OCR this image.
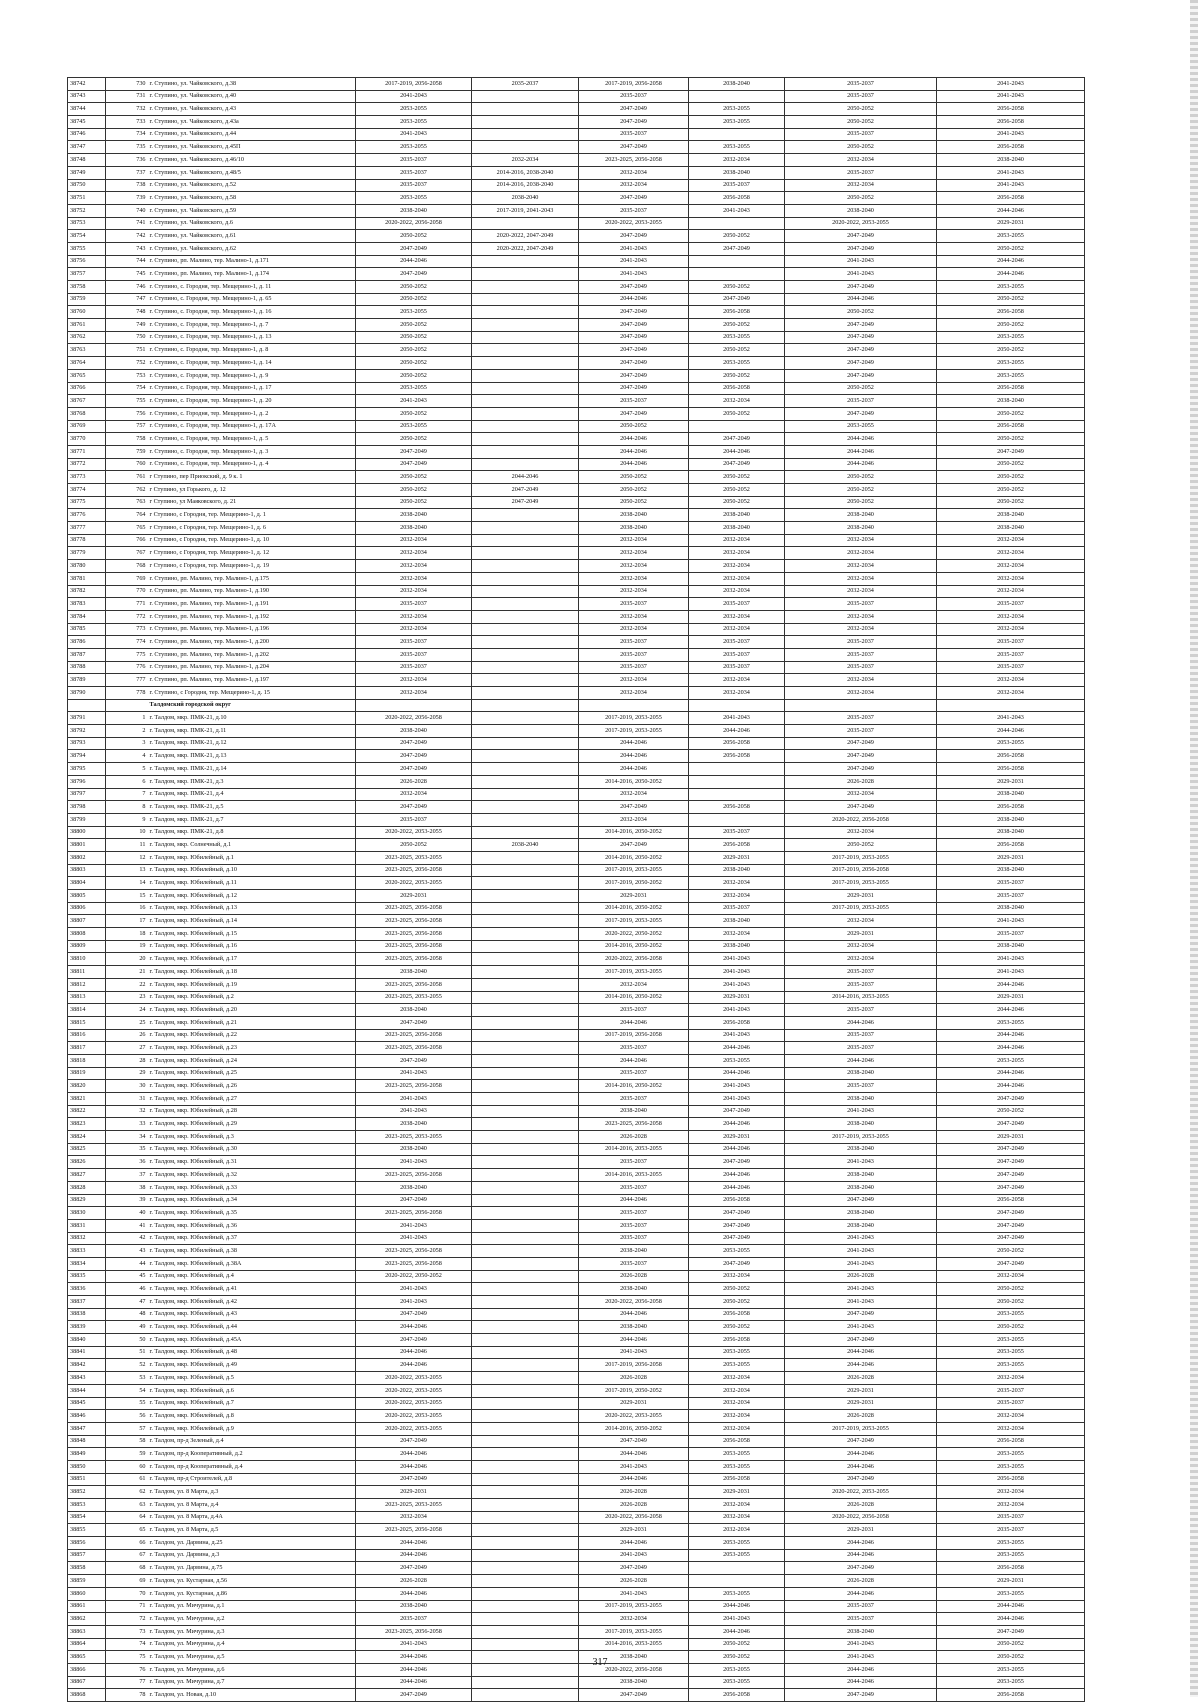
38742	730	г. Ступино, ул. Чайковского, д.38	2017-2019, 2056-2058	2035-2037	2017-2019, 2056-2058	2038-2040	2035-2037	2041-2043
38743	731	г. Ступино, ул. Чайковского, д.40	2041-2043		2035-2037		2035-2037	2041-2043
38744	732	г. Ступино, ул. Чайковского, д.43	2053-2055		2047-2049	2053-2055	2050-2052	2056-2058
38745	733	г. Ступино, ул. Чайковского, д.43а	2053-2055		2047-2049	2053-2055	2050-2052	2056-2058
38746	734	г. Ступино, ул. Чайковского, д.44	2041-2043		2035-2037		2035-2037	2041-2043
38747	735	г. Ступино, ул. Чайковского, д.45П	2053-2055		2047-2049	2053-2055	2050-2052	2056-2058
38748	736	г. Ступино, ул. Чайковского, д.46/10	2035-2037	2032-2034	2023-2025, 2056-2058	2032-2034	2032-2034	2038-2040
38749	737	г. Ступино, ул. Чайковского, д.48/5	2035-2037	2014-2016, 2038-2040	2032-2034	2038-2040	2035-2037	2041-2043
38750	738	г. Ступино, ул. Чайковского, д.52	2035-2037	2014-2016, 2038-2040	2032-2034	2035-2037	2032-2034	2041-2043
38751	739	г. Ступино, ул. Чайковского, д.58	2053-2055	2038-2040	2047-2049	2056-2058	2050-2052	2056-2058
38752	740	г. Ступино, ул. Чайковского, д.59	2038-2040	2017-2019, 2041-2043	2035-2037	2041-2043	2038-2040	2044-2046
38753	741	г. Ступино, ул. Чайковского, д.6	2020-2022, 2056-2058		2020-2022, 2053-2055		2020-2022, 2053-2055	2029-2031
38754	742	г. Ступино, ул. Чайковского, д.61	2050-2052	2020-2022, 2047-2049	2047-2049	2050-2052	2047-2049	2053-2055
38755	743	г. Ступино, ул. Чайковского, д.62	2047-2049	2020-2022, 2047-2049	2041-2043	2047-2049	2047-2049	2050-2052
38756	744	г. Ступино, рп. Малино, тер. Малино-1, д.171	2044-2046		2041-2043		2041-2043	2044-2046
38757	745	г. Ступино, рп. Малино, тер. Малино-1, д.174	2047-2049		2041-2043		2041-2043	2044-2046
38758	746	г. Ступино, с. Городня, тер. Мещерино-1, д. 11	2050-2052		2047-2049	2050-2052	2047-2049	2053-2055
38759	747	г. Ступино, с. Городня, тер. Мещерино-1, д. 65	2050-2052		2044-2046	2047-2049	2044-2046	2050-2052
38760	748	г. Ступино, с. Городня, тер. Мещерино-1, д. 16	2053-2055		2047-2049	2056-2058	2050-2052	2056-2058
38761	749	г. Ступино, с. Городня, тер. Мещерино-1, д. 7	2050-2052		2047-2049	2050-2052	2047-2049	2050-2052
38762	750	г. Ступино, с. Городня, тер. Мещерино-1, д. 13	2050-2052		2047-2049	2053-2055	2047-2049	2053-2055
38763	751	г. Ступино, с. Городня, тер. Мещерино-1, д. 8	2050-2052		2047-2049	2050-2052	2047-2049	2050-2052
38764	752	г. Ступино, с. Городня, тер. Мещерино-1, д. 14	2050-2052		2047-2049	2053-2055	2047-2049	2053-2055
38765	753	г. Ступино, с. Городня, тер. Мещерино-1, д. 9	2050-2052		2047-2049	2050-2052	2047-2049	2053-2055
38766	754	г. Ступино, с. Городня, тер. Мещерино-1, д. 17	2053-2055		2047-2049	2056-2058	2050-2052	2056-2058
38767	755	г. Ступино, с. Городня, тер. Мещерино-1, д. 20	2041-2043		2035-2037	2032-2034	2035-2037	2038-2040
38768	756	г. Ступино, с. Городня, тер. Мещерино-1, д. 2	2050-2052		2047-2049	2050-2052	2047-2049	2050-2052
38769	757	г. Ступино, с. Городня, тер. Мещерино-1, д. 17А	2053-2055		2050-2052		2053-2055	2056-2058
38770	758	г. Ступино, с. Городня, тер. Мещерино-1, д. 5	2050-2052		2044-2046	2047-2049	2044-2046	2050-2052
38771	759	г. Ступино, с. Городня, тер. Мещерино-1, д. 3	2047-2049		2044-2046	2044-2046	2044-2046	2047-2049
38772	760	г. Ступино, с. Городня, тер. Мещерино-1, д. 4	2047-2049		2044-2046	2047-2049	2044-2046	2050-2052
38773	761	г Ступино, пер Приокский, д. 9 к. 1	2050-2052	2044-2046	2050-2052	2050-2052	2050-2052	2050-2052
38774	762	г Ступино, ул Горького, д. 12	2050-2052	2047-2049	2050-2052	2050-2052	2050-2052	2050-2052
38775	763	г Ступино, ул Маяковского, д. 21	2050-2052	2047-2049	2050-2052	2050-2052	2050-2052	2050-2052
38776	764	г Ступино, с Городня, тер. Мещерино-1, д. 1	2038-2040		2038-2040	2038-2040	2038-2040	2038-2040
38777	765	г Ступино, с Городня, тер. Мещерино-1, д. 6	2038-2040		2038-2040	2038-2040	2038-2040	2038-2040
38778	766	г Ступино, с Городня, тер. Мещерино-1, д. 10	2032-2034		2032-2034	2032-2034	2032-2034	2032-2034
38779	767	г Ступино, с Городня, тер. Мещерино-1, д. 12	2032-2034		2032-2034	2032-2034	2032-2034	2032-2034
38780	768	г Ступино, с Городня, тер. Мещерино-1, д. 19	2032-2034		2032-2034	2032-2034	2032-2034	2032-2034
38781	769	г. Ступино, рп. Малино, тер. Малино-1, д.175	2032-2034		2032-2034	2032-2034	2032-2034	2032-2034
38782	770	г. Ступино, рп. Малино, тер. Малино-1, д.190	2032-2034		2032-2034	2032-2034	2032-2034	2032-2034
38783	771	г. Ступино, рп. Малино, тер. Малино-1, д.191	2035-2037		2035-2037	2035-2037	2035-2037	2035-2037
38784	772	г. Ступино, рп. Малино, тер. Малино-1, д.192	2032-2034		2032-2034	2032-2034	2032-2034	2032-2034
38785	773	г. Ступино, рп. Малино, тер. Малино-1, д.196	2032-2034		2032-2034	2032-2034	2032-2034	2032-2034
38786	774	г. Ступино, рп. Малино, тер. Малино-1, д.200	2035-2037		2035-2037	2035-2037	2035-2037	2035-2037
38787	775	г. Ступино, рп. Малино, тер. Малино-1, д.202	2035-2037		2035-2037	2035-2037	2035-2037	2035-2037
38788	776	г. Ступино, рп. Малино, тер. Малино-1, д.204	2035-2037		2035-2037	2035-2037	2035-2037	2035-2037
38789	777	г. Ступино, рп. Малино, тер. Малино-1, д.197	2032-2034		2032-2034	2032-2034	2032-2034	2032-2034
38790	778	г. Ступино, с Городня, тер. Мещерино-1, д. 15	2032-2034		2032-2034	2032-2034	2032-2034	2032-2034
		Талдомский городской округ						
38791	1	г. Талдом, мкр. ПМК-21, д.10	2020-2022, 2056-2058		2017-2019, 2053-2055	2041-2043	2035-2037	2041-2043
38792	2	г. Талдом, мкр. ПМК-21, д.11	2038-2040		2017-2019, 2053-2055	2044-2046	2035-2037	2044-2046
38793	3	г. Талдом, мкр. ПМК-21, д.12	2047-2049		2044-2046	2056-2058	2047-2049	2053-2055
38794	4	г. Талдом, мкр. ПМК-21, д.13	2047-2049		2044-2046	2056-2058	2047-2049	2056-2058
38795	5	г. Талдом, мкр. ПМК-21, д.14	2047-2049		2044-2046		2047-2049	2056-2058
38796	6	г. Талдом, мкр. ПМК-21, д.3	2026-2028		2014-2016, 2050-2052		2026-2028	2029-2031
38797	7	г. Талдом, мкр. ПМК-21, д.4	2032-2034		2032-2034		2032-2034	2038-2040
38798	8	г. Талдом, мкр. ПМК-21, д.5	2047-2049		2047-2049	2056-2058	2047-2049	2056-2058
38799	9	г. Талдом, мкр. ПМК-21, д.7	2035-2037		2032-2034		2020-2022, 2056-2058	2038-2040
38800	10	г. Талдом, мкр. ПМК-21, д.8	2020-2022, 2053-2055		2014-2016, 2050-2052	2035-2037	2032-2034	2038-2040
38801	11	г. Талдом, мкр. Солнечный, д.1	2050-2052	2038-2040	2047-2049	2056-2058	2050-2052	2056-2058
38802	12	г. Талдом, мкр. Юбилейный, д.1	2023-2025, 2053-2055		2014-2016, 2050-2052	2029-2031	2017-2019, 2053-2055	2029-2031
38803	13	г. Талдом, мкр. Юбилейный, д.10	2023-2025, 2056-2058		2017-2019, 2053-2055	2038-2040	2017-2019, 2056-2058	2038-2040
38804	14	г. Талдом, мкр. Юбилейный, д.11	2020-2022, 2053-2055		2017-2019, 2050-2052	2032-2034	2017-2019, 2053-2055	2035-2037
38805	15	г. Талдом, мкр. Юбилейный, д.12	2029-2031		2029-2031	2032-2034	2029-2031	2035-2037
38806	16	г. Талдом, мкр. Юбилейный, д.13	2023-2025, 2056-2058		2014-2016, 2050-2052	2035-2037	2017-2019, 2053-2055	2038-2040
38807	17	г. Талдом, мкр. Юбилейный, д.14	2023-2025, 2056-2058		2017-2019, 2053-2055	2038-2040	2032-2034	2041-2043
38808	18	г. Талдом, мкр. Юбилейный, д.15	2023-2025, 2056-2058		2020-2022, 2050-2052	2032-2034	2029-2031	2035-2037
38809	19	г. Талдом, мкр. Юбилейный, д.16	2023-2025, 2056-2058		2014-2016, 2050-2052	2038-2040	2032-2034	2038-2040
38810	20	г. Талдом, мкр. Юбилейный, д.17	2023-2025, 2056-2058		2020-2022, 2056-2058	2041-2043	2032-2034	2041-2043
38811	21	г. Талдом, мкр. Юбилейный, д.18	2038-2040		2017-2019, 2053-2055	2041-2043	2035-2037	2041-2043
38812	22	г. Талдом, мкр. Юбилейный, д.19	2023-2025, 2056-2058		2032-2034	2041-2043	2035-2037	2044-2046
38813	23	г. Талдом, мкр. Юбилейный, д.2	2023-2025, 2053-2055		2014-2016, 2050-2052	2029-2031	2014-2016, 2053-2055	2029-2031
38814	24	г. Талдом, мкр. Юбилейный, д.20	2038-2040		2035-2037	2041-2043	2035-2037	2044-2046
38815	25	г. Талдом, мкр. Юбилейный, д.21	2047-2049		2044-2046	2056-2058	2044-2046	2053-2055
38816	26	г. Талдом, мкр. Юбилейный, д.22	2023-2025, 2056-2058		2017-2019, 2056-2058	2041-2043	2035-2037	2044-2046
38817	27	г. Талдом, мкр. Юбилейный, д.23	2023-2025, 2056-2058		2035-2037	2044-2046	2035-2037	2044-2046
38818	28	г. Талдом, мкр. Юбилейный, д.24	2047-2049		2044-2046	2053-2055	2044-2046	2053-2055
38819	29	г. Талдом, мкр. Юбилейный, д.25	2041-2043		2035-2037	2044-2046	2038-2040	2044-2046
38820	30	г. Талдом, мкр. Юбилейный, д.26	2023-2025, 2056-2058		2014-2016, 2050-2052	2041-2043	2035-2037	2044-2046
38821	31	г. Талдом, мкр. Юбилейный, д.27	2041-2043		2035-2037	2041-2043	2038-2040	2047-2049
38822	32	г. Талдом, мкр. Юбилейный, д.28	2041-2043		2038-2040	2047-2049	2041-2043	2050-2052
38823	33	г. Талдом, мкр. Юбилейный, д.29	2038-2040		2023-2025, 2056-2058	2044-2046	2038-2040	2047-2049
38824	34	г. Талдом, мкр. Юбилейный, д.3	2023-2025, 2053-2055		2026-2028	2029-2031	2017-2019, 2053-2055	2029-2031
38825	35	г. Талдом, мкр. Юбилейный, д.30	2038-2040		2014-2016, 2053-2055	2044-2046	2038-2040	2047-2049
38826	36	г. Талдом, мкр. Юбилейный, д.31	2041-2043		2035-2037	2047-2049	2041-2043	2047-2049
38827	37	г. Талдом, мкр. Юбилейный, д.32	2023-2025, 2056-2058		2014-2016, 2053-2055	2044-2046	2038-2040	2047-2049
38828	38	г. Талдом, мкр. Юбилейный, д.33	2038-2040		2035-2037	2044-2046	2038-2040	2047-2049
38829	39	г. Талдом, мкр. Юбилейный, д.34	2047-2049		2044-2046	2056-2058	2047-2049	2056-2058
38830	40	г. Талдом, мкр. Юбилейный, д.35	2023-2025, 2056-2058		2035-2037	2047-2049	2038-2040	2047-2049
38831	41	г. Талдом, мкр. Юбилейный, д.36	2041-2043		2035-2037	2047-2049	2038-2040	2047-2049
38832	42	г. Талдом, мкр. Юбилейный, д.37	2041-2043		2035-2037	2047-2049	2041-2043	2047-2049
38833	43	г. Талдом, мкр. Юбилейный, д.38	2023-2025, 2056-2058		2038-2040	2053-2055	2041-2043	2050-2052
38834	44	г. Талдом, мкр. Юбилейный, д.38А	2023-2025, 2056-2058		2035-2037	2047-2049	2041-2043	2047-2049
38835	45	г. Талдом, мкр. Юбилейный, д.4	2020-2022, 2050-2052		2026-2028	2032-2034	2026-2028	2032-2034
38836	46	г. Талдом, мкр. Юбилейный, д.41	2041-2043		2038-2040	2050-2052	2041-2043	2050-2052
38837	47	г. Талдом, мкр. Юбилейный, д.42	2041-2043		2020-2022, 2056-2058	2050-2052	2041-2043	2050-2052
38838	48	г. Талдом, мкр. Юбилейный, д.43	2047-2049		2044-2046	2056-2058	2047-2049	2053-2055
38839	49	г. Талдом, мкр. Юбилейный, д.44	2044-2046		2038-2040	2050-2052	2041-2043	2050-2052
38840	50	г. Талдом, мкр. Юбилейный, д.45А	2047-2049		2044-2046	2056-2058	2047-2049	2053-2055
38841	51	г. Талдом, мкр. Юбилейный, д.48	2044-2046		2041-2043	2053-2055	2044-2046	2053-2055
38842	52	г. Талдом, мкр. Юбилейный, д.49	2044-2046		2017-2019, 2056-2058	2053-2055	2044-2046	2053-2055
38843	53	г. Талдом, мкр. Юбилейный, д.5	2020-2022, 2053-2055		2026-2028	2032-2034	2026-2028	2032-2034
38844	54	г. Талдом, мкр. Юбилейный, д.6	2020-2022, 2053-2055		2017-2019, 2050-2052	2032-2034	2029-2031	2035-2037
38845	55	г. Талдом, мкр. Юбилейный, д.7	2020-2022, 2053-2055		2029-2031	2032-2034	2029-2031	2035-2037
38846	56	г. Талдом, мкр. Юбилейный, д.8	2020-2022, 2053-2055		2020-2022, 2053-2055	2032-2034	2026-2028	2032-2034
38847	57	г. Талдом, мкр. Юбилейный, д.9	2020-2022, 2053-2055		2014-2016, 2050-2052	2032-2034	2017-2019, 2053-2055	2032-2034
38848	58	г. Талдом, пр-д Зеленый, д.4	2047-2049		2047-2049	2056-2058	2047-2049	2056-2058
38849	59	г. Талдом, пр-д Кооперативный, д.2	2044-2046		2044-2046	2053-2055	2044-2046	2053-2055
38850	60	г. Талдом, пр-д Кооперативный, д.4	2044-2046		2041-2043	2053-2055	2044-2046	2053-2055
38851	61	г. Талдом, пр-д Строителей, д.8	2047-2049		2044-2046	2056-2058	2047-2049	2056-2058
38852	62	г. Талдом, ул. 8 Марта, д.3	2029-2031		2026-2028	2029-2031	2020-2022, 2053-2055	2032-2034
38853	63	г. Талдом, ул. 8 Марта, д.4	2023-2025, 2053-2055		2026-2028	2032-2034	2026-2028	2032-2034
38854	64	г. Талдом, ул. 8 Марта, д.4А	2032-2034		2020-2022, 2056-2058	2032-2034	2020-2022, 2056-2058	2035-2037
38855	65	г. Талдом, ул. 8 Марта, д.5	2023-2025, 2056-2058		2029-2031	2032-2034	2029-2031	2035-2037
38856	66	г. Талдом, ул. Дарвина, д.25	2044-2046		2044-2046	2053-2055	2044-2046	2053-2055
38857	67	г. Талдом, ул. Дарвина, д.3	2044-2046		2041-2043	2053-2055	2044-2046	2053-2055
38858	68	г. Талдом, ул. Дарвина, д.75	2047-2049		2047-2049		2047-2049	2056-2058
38859	69	г. Талдом, ул. Кустарная, д.56	2026-2028		2026-2028		2026-2028	2029-2031
38860	70	г. Талдом, ул. Кустарная, д.86	2044-2046		2041-2043	2053-2055	2044-2046	2053-2055
38861	71	г. Талдом, ул. Мичурина, д.1	2038-2040		2017-2019, 2053-2055	2044-2046	2035-2037	2044-2046
38862	72	г. Талдом, ул. Мичурина, д.2	2035-2037		2032-2034	2041-2043	2035-2037	2044-2046
38863	73	г. Талдом, ул. Мичурина, д.3	2023-2025, 2056-2058		2017-2019, 2053-2055	2044-2046	2038-2040	2047-2049
38864	74	г. Талдом, ул. Мичурина, д.4	2041-2043		2014-2016, 2053-2055	2050-2052	2041-2043	2050-2052
38865	75	г. Талдом, ул. Мичурина, д.5	2044-2046		2038-2040	2050-2052	2041-2043	2050-2052
38866	76	г. Талдом, ул. Мичурина, д.6	2044-2046		2020-2022, 2056-2058	2053-2055	2044-2046	2053-2055
38867	77	г. Талдом, ул. Мичурина, д.7	2044-2046		2038-2040	2053-2055	2044-2046	2053-2055
38868	78	г. Талдом, ул. Новая, д.10	2047-2049		2047-2049	2056-2058	2047-2049	2056-2058
317
